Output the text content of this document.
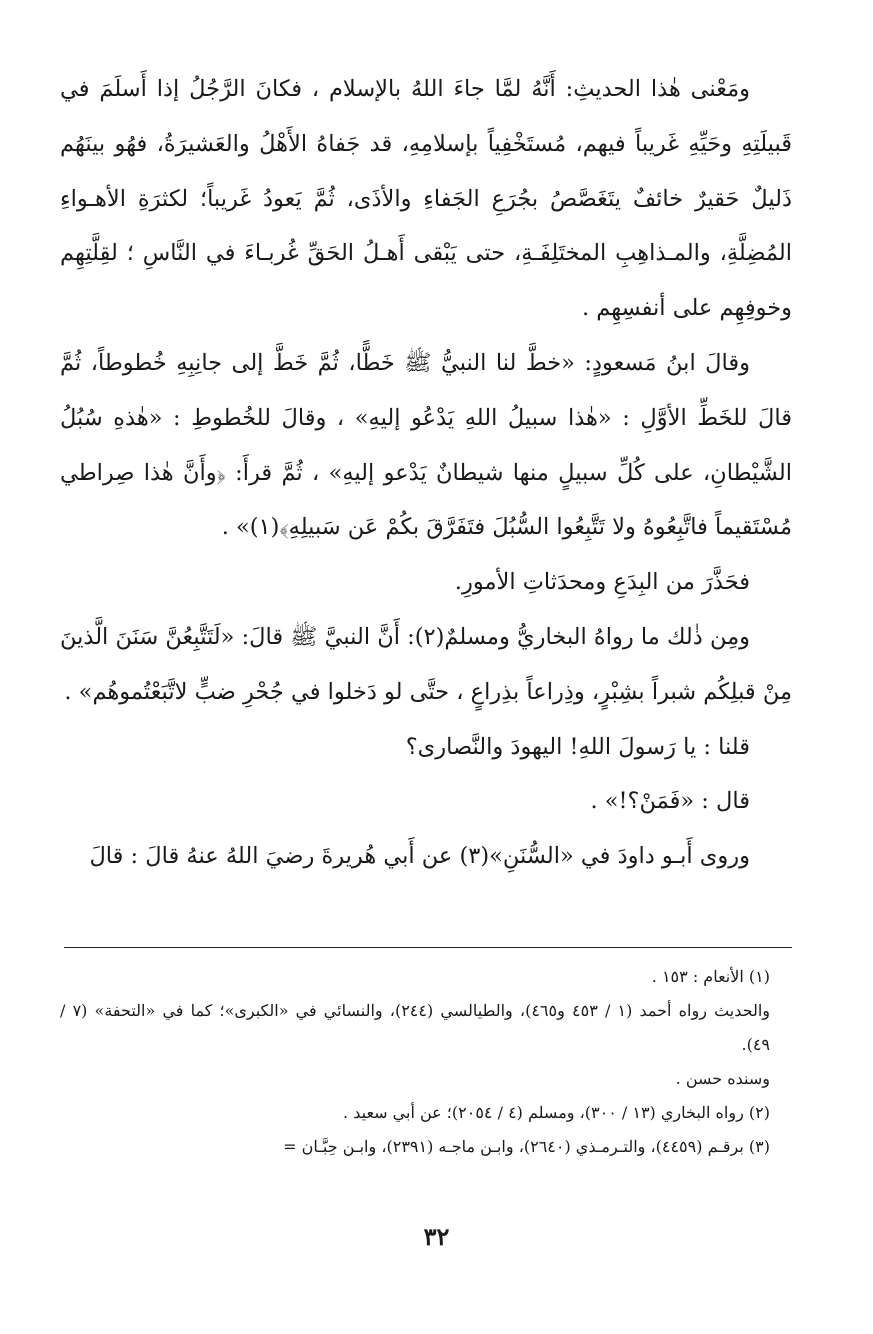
ومَعْنى هٰذا الحديثِ: أَنَّهُ لمَّا جاءَ اللهُ بالإسلام ، فكانَ الرَّجُلُ إذا أَسلَمَ في قَبيلَتِهِ وحَيِّهِ غَريباً فيهم، مُستَخْفِياً بإسلامِهِ، قد جَفاهُ الأَهْلُ والعَشيرَةُ، فهُو بينَهُم ذَليلٌ حَقيرٌ خائفٌ يتَغَصَّصُ بجُرَعِ الجَفاءِ والأذَى، ثُمَّ يَعودُ غَريباً؛ لكثرَةِ الأهـواءِ المُضِلَّةِ، والمـذاهِبِ المختَلِفَـةِ، حتى يَبْقى أَهـلُ الحَقِّ غُربـاءَ في النَّاسِ ؛ لقِلَّتِهِم وخوفِهِم على أنفسِهِم .

وقالَ ابنُ مَسعودٍ: «خطَّ لنا النبيُّ ﷺ خَطًّا، ثُمَّ خَطَّ إلى جانِبِهِ خُطوطاً، ثُمَّ قالَ للخَطِّ الأوَّلِ : «هٰذا سبيلُ اللهِ يَدْعُو إليهِ» ، وقالَ للخُطوطِ : «هٰذهِ سُبُلُ الشَّيْطانِ، على كُلِّ سبيلٍ منها شيطانٌ يَدْعو إليهِ» ، ثُمَّ قرأَ: ﴿وأَنَّ هٰذا صِراطي مُسْتَقيماً فاتَّبِعُوهُ ولا تَتَّبِعُوا السُّبُلَ فتَفَرَّقَ بكُمْ عَن سَبيلِهِ﴾(١)» .

فحَذَّرَ من البِدَعِ ومحدَثاتِ الأمورِ.

ومِن ذٰلك ما رواهُ البخاريُّ ومسلمٌ(٢): أَنَّ النبيَّ ﷺ قالَ: «لَتَتَّبِعُنَّ سَنَنَ الَّذينَ مِنْ قبلِكُم شبراً بشِبْرٍ، وذِراعاً بذِراعٍ ، حتَّى لو دَخلوا في جُحْرِ ضبٍّ لاتَّبَعْتُموهُم» .

قلنا : يا رَسولَ اللهِ! اليهودَ والنَّصارى؟

قال : «فَمَنْ؟!» .

وروى أَبـو داودَ في «السُّنَنِ»(٣) عن أَبي هُريرةَ رضيَ اللهُ عنهُ قالَ : قالَ

(١) الأنعام : ١٥٣ .

والحديث رواه أحمد (١ / ٤٥٣ و٤٦٥)، والطيالسي (٢٤٤)، والنسائي في «الكبرى»؛ كما في «التحفة» (٧ / ٤٩).

وسنده حسن .

(٢) رواه البخاري (١٣ / ٣٠٠)، ومسلم (٤ / ٢٠٥٤)؛ عن أبي سعيد .

(٣) برقـم (٤٤٥٩)، والتـرمـذي (٢٦٤٠)، وابـن ماجـه (٢٣٩١)، وابـن حِبَّـان =

٣٢
